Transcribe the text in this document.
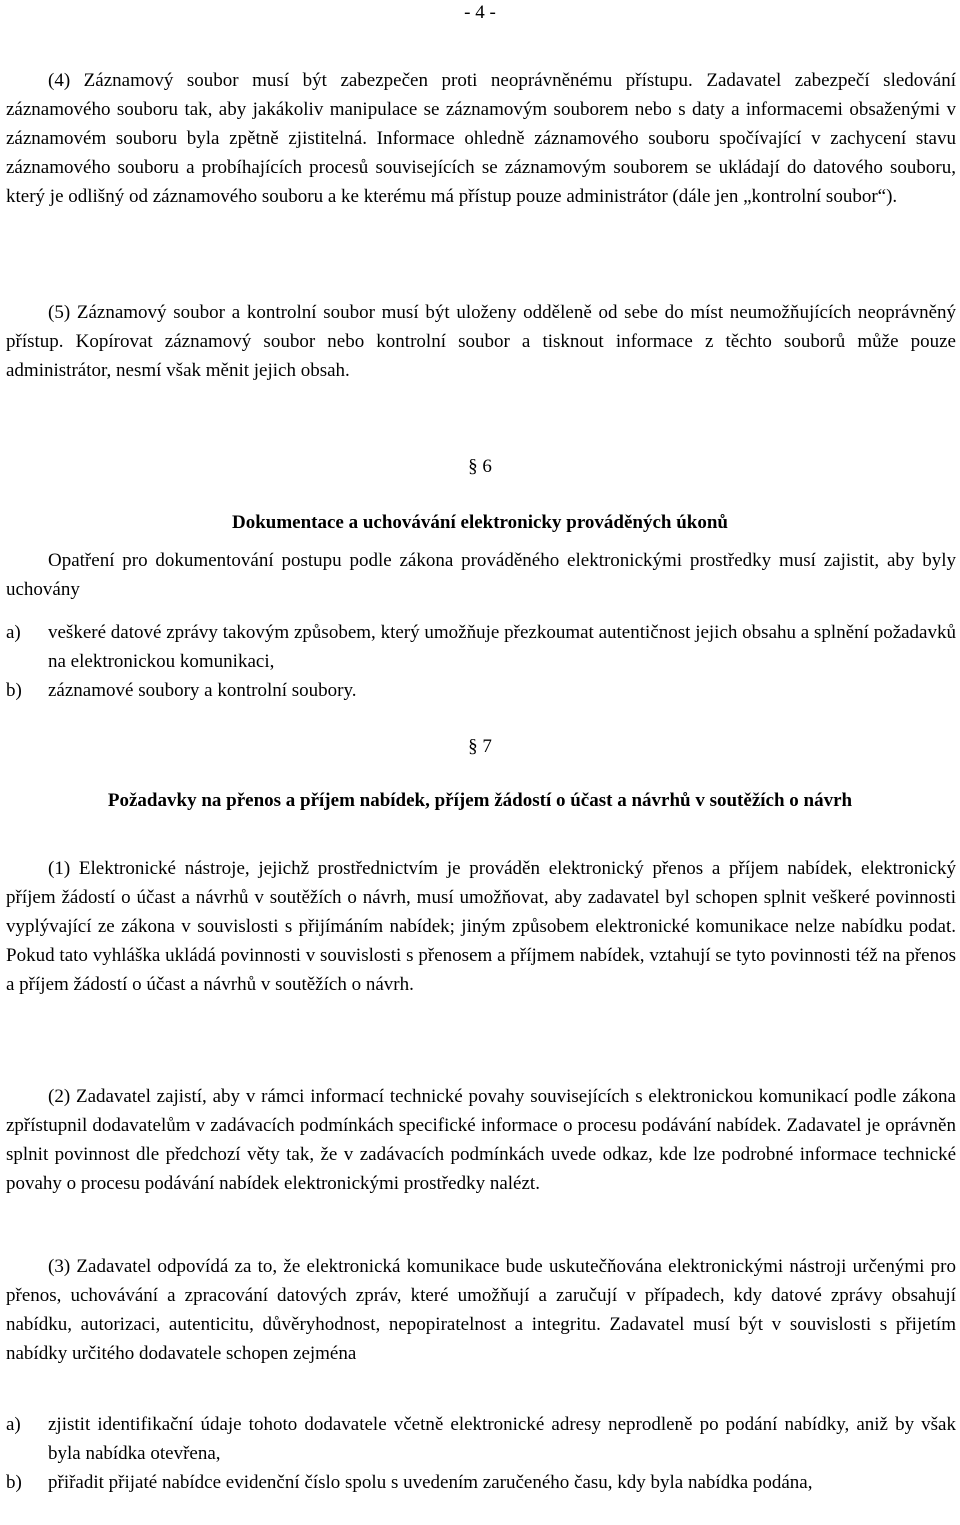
- 4 -

(4) Záznamový soubor musí být zabezpečen proti neoprávněnému přístupu. Zadavatel zabezpečí sledování záznamového souboru tak, aby jakákoliv manipulace se záznamovým souborem nebo s daty a informacemi obsaženými v záznamovém souboru byla zpětně zjistitelná. Informace ohledně záznamového souboru spočívající v zachycení stavu záznamového souboru a probíhajících procesů souvisejících se záznamovým souborem se ukládají do datového souboru, který je odlišný od záznamového souboru a ke kterému má přístup pouze administrátor (dále jen „kontrolní soubor“).

(5) Záznamový soubor a kontrolní soubor musí být uloženy odděleně od sebe do míst neumožňujících neoprávněný přístup. Kopírovat záznamový soubor nebo kontrolní soubor a tisknout informace z těchto souborů může pouze administrátor, nesmí však měnit jejich obsah.

§ 6
Dokumentace a uchovávání elektronicky prováděných úkonů

Opatření pro dokumentování postupu podle zákona prováděného elektronickými prostředky musí zajistit, aby byly uchovány

a)	veškeré datové zprávy takovým způsobem, který umožňuje přezkoumat autentičnost jejich obsahu a splnění požadavků na elektronickou komunikaci,
b)	záznamové soubory a kontrolní soubory.
§ 7
Požadavky na přenos a příjem nabídek, příjem žádostí o účast a návrhů v soutěžích o návrh

(1) Elektronické nástroje, jejichž prostřednictvím je prováděn elektronický přenos a příjem nabídek, elektronický příjem žádostí o účast a návrhů v soutěžích o návrh, musí umožňovat, aby zadavatel byl schopen splnit veškeré povinnosti vyplývající ze zákona v souvislosti s přijímáním nabídek; jiným způsobem elektronické komunikace nelze nabídku podat. Pokud tato vyhláška ukládá povinnosti v souvislosti s přenosem a příjmem nabídek, vztahují se tyto povinnosti též na přenos a příjem žádostí o účast a návrhů v soutěžích o návrh.

(2) Zadavatel zajistí, aby v rámci informací technické povahy souvisejících s elektronickou komunikací podle zákona zpřístupnil dodavatelům v zadávacích podmínkách specifické informace o procesu podávání nabídek. Zadavatel je oprávněn splnit povinnost dle předchozí věty tak, že v zadávacích podmínkách uvede odkaz, kde lze podrobné informace technické povahy o procesu podávání nabídek elektronickými prostředky nalézt.

(3) Zadavatel odpovídá za to, že elektronická komunikace bude uskutečňována elektronickými nástroji určenými pro přenos, uchovávání a zpracování datových zpráv, které umožňují a zaručují v případech, kdy datové zprávy obsahují nabídku, autorizaci, autenticitu, důvěryhodnost, nepopiratelnost a integritu. Zadavatel musí být v souvislosti s přijetím nabídky určitého dodavatele schopen zejména

a)	zjistit identifikační údaje tohoto dodavatele včetně elektronické adresy neprodleně po podání nabídky, aniž by však byla nabídka otevřena,
b)	přiřadit přijaté nabídce evidenční číslo spolu s uvedením zaručeného času, kdy byla nabídka podána,
